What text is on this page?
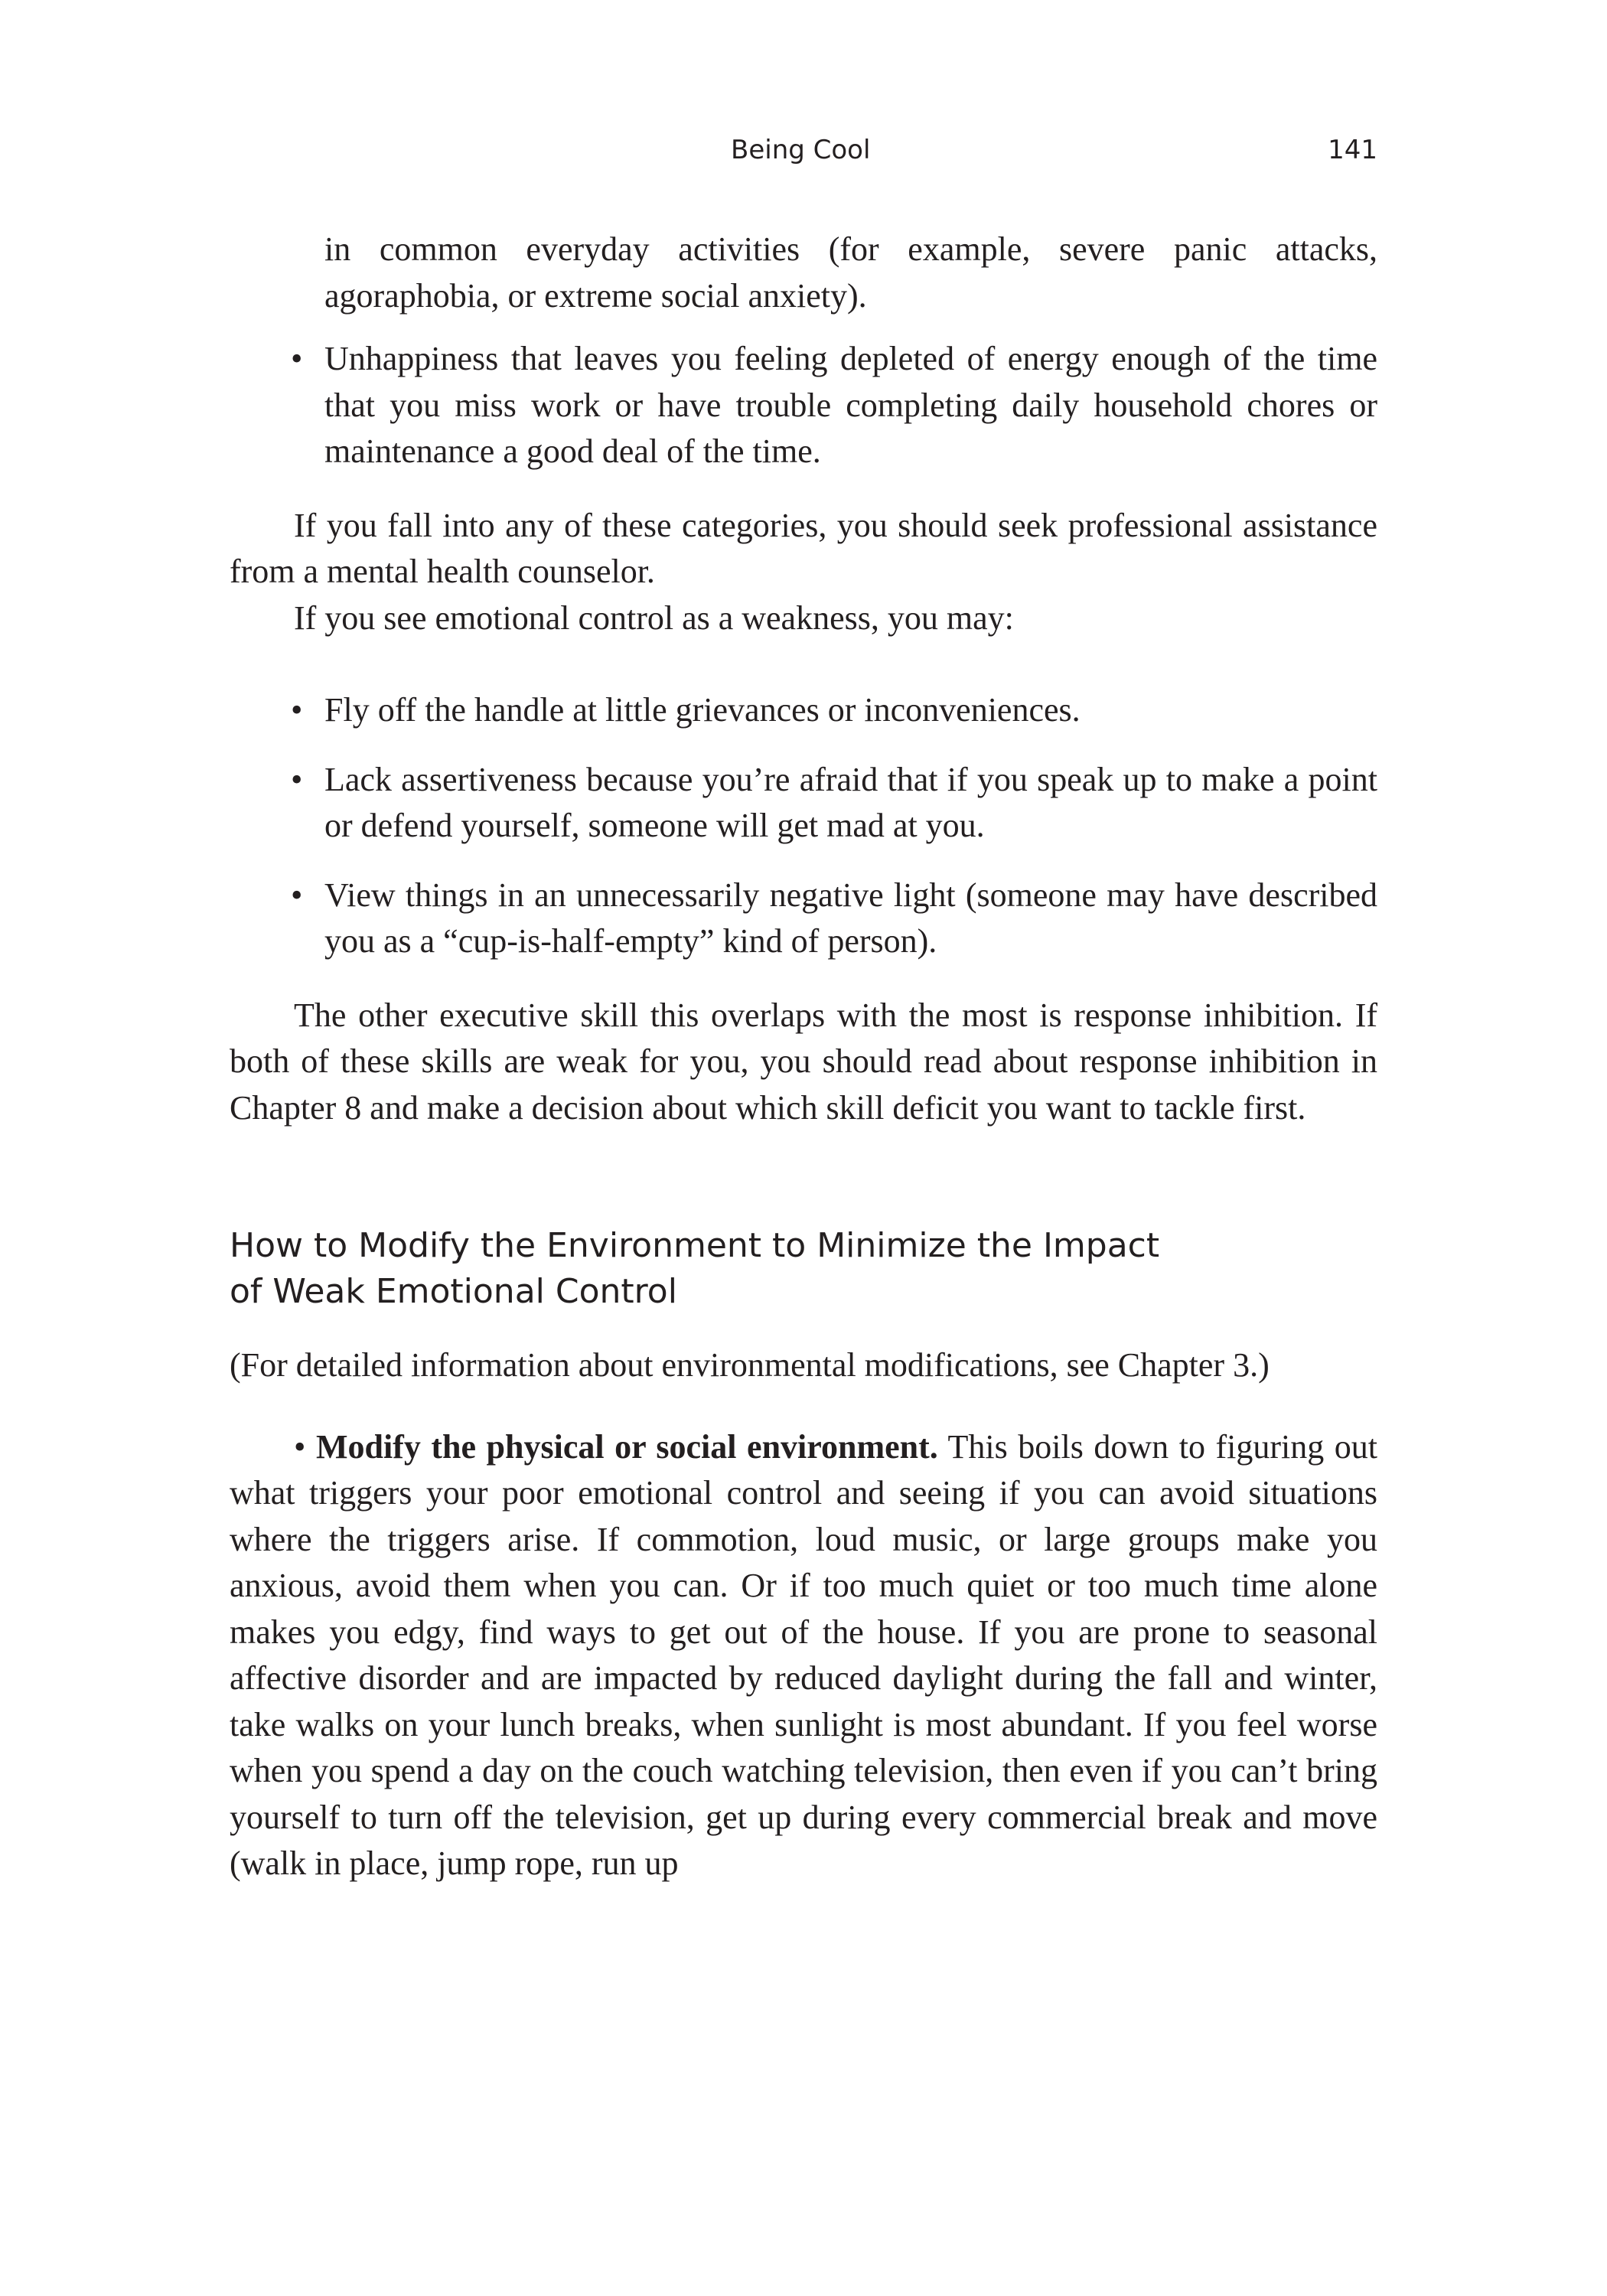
Being Cool	141
in common everyday activities (for example, severe panic attacks, agoraphobia, or extreme social anxiety).
• Unhappiness that leaves you feeling depleted of energy enough of the time that you miss work or have trouble completing daily household chores or maintenance a good deal of the time.

If you fall into any of these categories, you should seek professional assistance from a mental health counselor.

If you see emotional control as a weakness, you may:

• Fly off the handle at little grievances or inconveniences.
• Lack assertiveness because you’re afraid that if you speak up to make a point or defend yourself, someone will get mad at you.
• View things in an unnecessarily negative light (someone may have described you as a “cup-is-half-empty” kind of person).

The other executive skill this overlaps with the most is response inhibition. If both of these skills are weak for you, you should read about response inhibition in Chapter 8 and make a decision about which skill deficit you want to tackle first.

How to Modify the Environment to Minimize the Impact
of Weak Emotional Control

(For detailed information about environmental modifications, see Chapter 3.)

• Modify the physical or social environment. This boils down to figuring out what triggers your poor emotional control and seeing if you can avoid situations where the triggers arise. If commotion, loud music, or large groups make you anxious, avoid them when you can. Or if too much quiet or too much time alone makes you edgy, find ways to get out of the house. If you are prone to seasonal affective disorder and are impacted by reduced daylight during the fall and winter, take walks on your lunch breaks, when sunlight is most abundant. If you feel worse when you spend a day on the couch watching television, then even if you can’t bring yourself to turn off the television, get up during every commercial break and move (walk in place, jump rope, run up
